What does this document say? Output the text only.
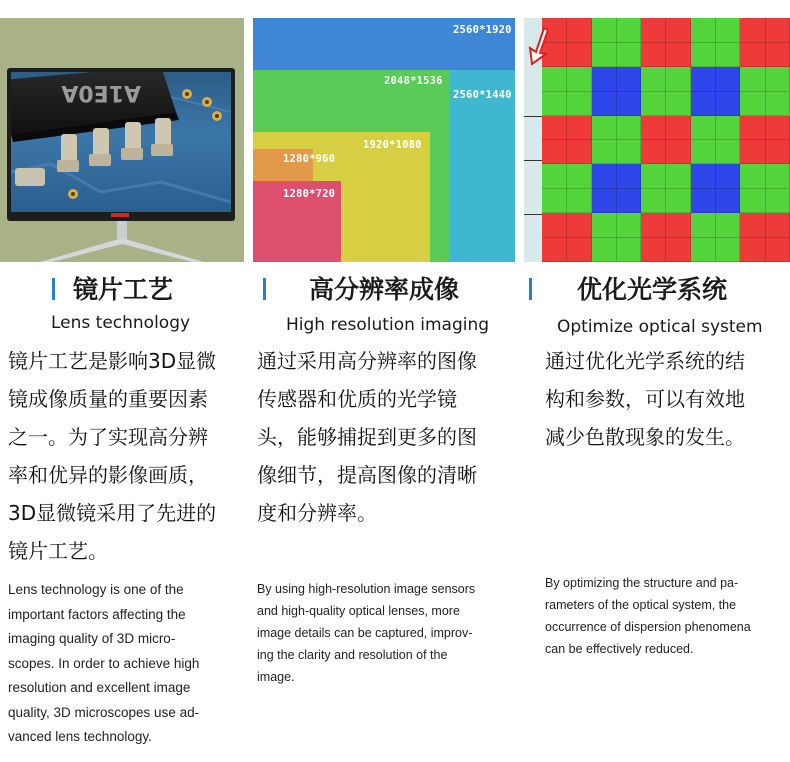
A1E0A
2560*1920
2048*1536
2560*1440
1920*1080
1280*960
1280*720
镜片工艺
Lens technology
镜片工艺是影响3D显微
镜成像质量的重要因素
之一。为了实现高分辨
率和优异的影像画质，
3D显微镜采用了先进的
镜片工艺。
Lens technology is one of the
important factors affecting the
imaging quality of 3D micro-
scopes. In order to achieve high
resolution and excellent image
quality, 3D microscopes use ad-
vanced lens technology.
高分辨率成像
High resolution imaging
通过采用高分辨率的图像
传感器和优质的光学镜
头，能够捕捉到更多的图
像细节，提高图像的清晰
度和分辨率。
By using high-resolution image sensors
and high-quality optical lenses, more
image details can be captured, improv-
ing the clarity and resolution of the
image.
优化光学系统
Optimize optical system
通过优化光学系统的结
构和参数，可以有效地
减少色散现象的发生。
By optimizing the structure and pa-
rameters of the optical system, the
occurrence of dispersion phenomena
can be effectively reduced.
